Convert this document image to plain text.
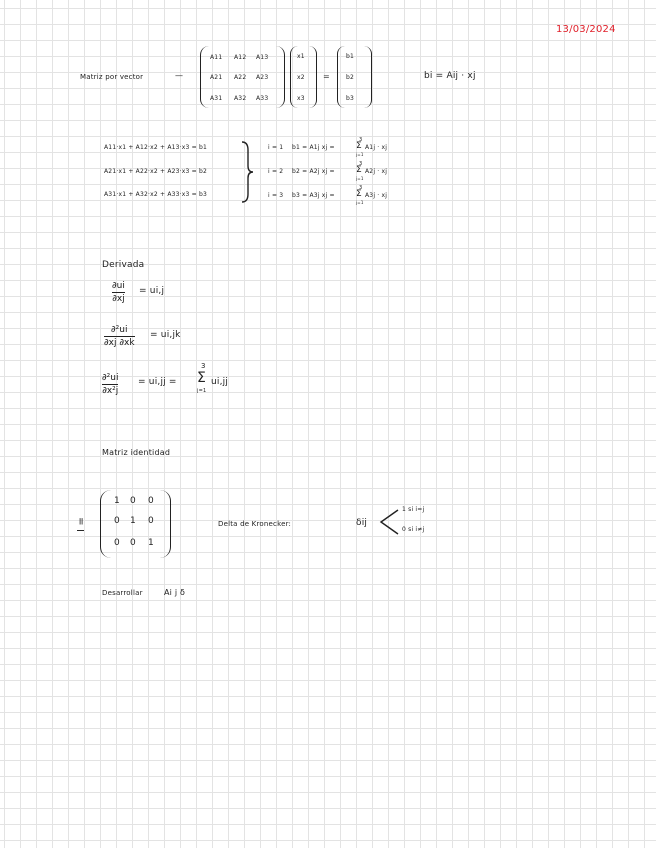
13/03/2024
Matriz por vector	—
A11 A12 A13
A21 A22 A23
A31 A32 A33
x1
x2
x3
=
b1
b2
b3
bi = Aij · xj
A11·x1 + A12·x2 + A13·x3 = b1
A21·x1 + A22·x2 + A23·x3 = b2
A31·x1 + A32·x2 + A33·x3 = b3
i = 1 b1 = A1j xj =
3
Σ
j=1
A1j · xj
i = 2 b2 = A2j xj =
3
Σ
j=1
A2j · xj
i = 3 b3 = A3j xj =
3
Σ
j=1
A3j · xj
Derivada
∂ui
∂xj
= ui,j
∂²ui
∂xj ∂xk
= ui,jk
∂²ui
∂x²j
= ui,jj =
3
Σ
j=1
ui,jj
Matriz identidad
I =
1 0 0
0 1 0
0 0 1
Delta de Kronecker:	δij
1 si i=j
0 si i≠j
Desarrollar	Ai j δ
